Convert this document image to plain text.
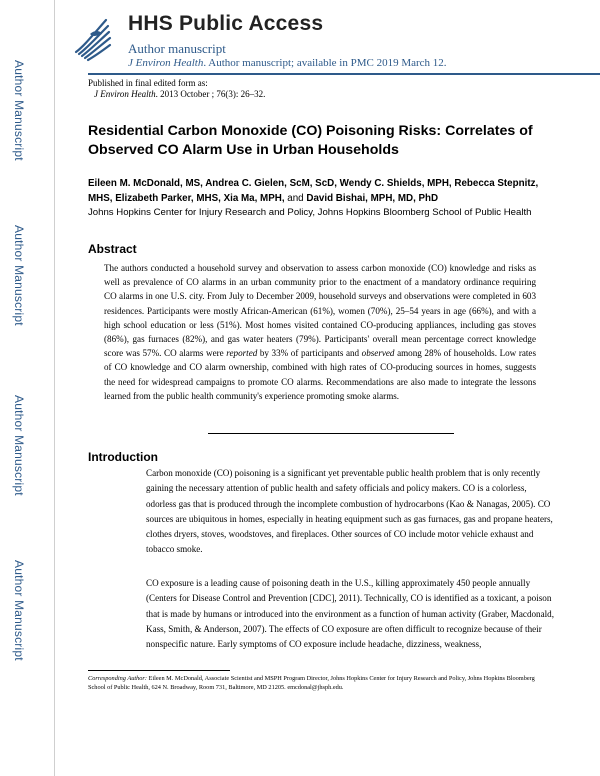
Author Manuscript
Author Manuscript
Author Manuscript
Author Manuscript
HHS Public Access
Author manuscript
J Environ Health. Author manuscript; available in PMC 2019 March 12.
Published in final edited form as:
J Environ Health. 2013 October ; 76(3): 26–32.
Residential Carbon Monoxide (CO) Poisoning Risks: Correlates of Observed CO Alarm Use in Urban Households
Eileen M. McDonald, MS, Andrea C. Gielen, ScM, ScD, Wendy C. Shields, MPH, Rebecca Stepnitz, MHS, Elizabeth Parker, MHS, Xia Ma, MPH, and David Bishai, MPH, MD, PhD
Johns Hopkins Center for Injury Research and Policy, Johns Hopkins Bloomberg School of Public Health
Abstract
The authors conducted a household survey and observation to assess carbon monoxide (CO) knowledge and risks as well as prevalence of CO alarms in an urban community prior to the enactment of a mandatory ordinance requiring CO alarms in one U.S. city. From July to December 2009, household surveys and observations were completed in 603 residences. Participants were mostly African-American (61%), women (70%), 25–54 years in age (66%), and with a high school education or less (51%). Most homes visited contained CO-producing appliances, including gas stoves (86%), gas furnaces (82%), and gas water heaters (79%). Participants' overall mean percentage correct knowledge score was 57%. CO alarms were reported by 33% of participants and observed among 28% of households. Low rates of CO knowledge and CO alarm ownership, combined with high rates of CO-producing sources in homes, suggests the need for widespread campaigns to promote CO alarms. Recommendations are also made to integrate the lessons learned from the public health community's experience promoting smoke alarms.
Introduction
Carbon monoxide (CO) poisoning is a significant yet preventable public health problem that is only recently gaining the necessary attention of public health and safety officials and policy makers. CO is a colorless, odorless gas that is produced through the incomplete combustion of hydrocarbons (Kao & Nanagas, 2005). CO sources are ubiquitous in homes, especially in heating equipment such as gas furnaces, gas and propane heaters, clothes dryers, stoves, woodstoves, and fireplaces. Other sources of CO include motor vehicle exhaust and tobacco smoke.
CO exposure is a leading cause of poisoning death in the U.S., killing approximately 450 people annually (Centers for Disease Control and Prevention [CDC], 2011). Technically, CO is identified as a toxicant, a poison that is made by humans or introduced into the environment as a function of human activity (Graber, Macdonald, Kass, Smith, & Anderson, 2007). The effects of CO exposure are often difficult to recognize because of their nonspecific nature. Early symptoms of CO exposure include headache, dizziness, weakness,
Corresponding Author: Eileen M. McDonald, Associate Scientist and MSPH Program Director, Johns Hopkins Center for Injury Research and Policy, Johns Hopkins Bloomberg School of Public Health, 624 N. Broadway, Room 731, Baltimore, MD 21205. emcdonal@jhsph.edu.
